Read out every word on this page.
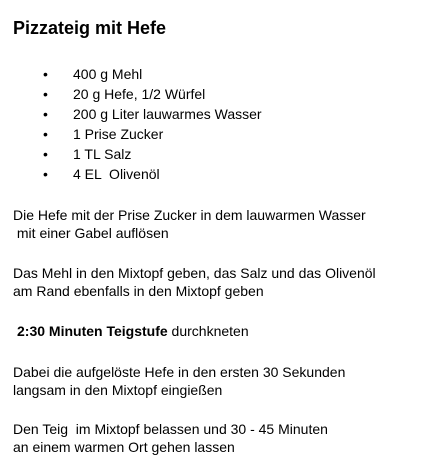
Pizzateig mit Hefe

•

400 g Mehl

•

20 g Hefe, 1/2 Würfel

•

200 g Liter lauwarmes Wasser

•

1 Prise Zucker

•

1 TL Salz

•

4 EL  Olivenöl

Die Hefe mit der Prise Zucker in dem lauwarmen Wasser
mit einer Gabel auflösen

Das Mehl in den Mixtopf geben, das Salz und das Olivenöl
am Rand ebenfalls in den Mixtopf geben

2:30 Minuten Teigstufe durchkneten

Dabei die aufgelöste Hefe in den ersten 30 Sekunden
langsam in den Mixtopf eingießen

Den Teig  im Mixtopf belassen und 30 - 45 Minuten
an einem warmen Ort gehen lassen
